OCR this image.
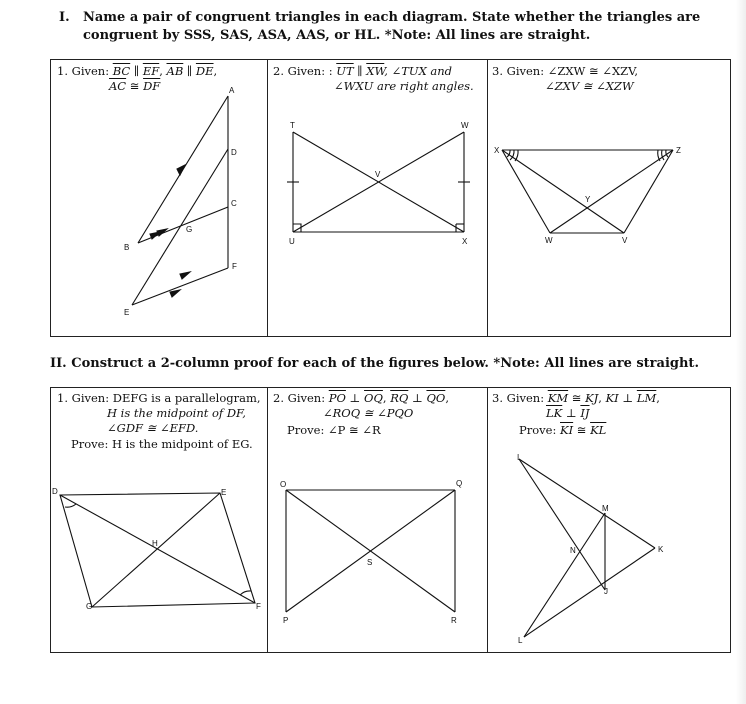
I. Name a pair of congruent triangles in each diagram. State whether the triangles are congruent by SSS, SAS, ASA, AAS, or HL. *Note: All lines are straight.
1. Given: $\overline{BC}$ ∥ $\overline{EF}$, $\overline{AB}$ ∥ $\overline{DE}$,
$\overline{AC}$ ≅ $\overline{DF}$
2. Given: : $\overline{UT}$ ∥ $\overline{XW}$, ∠TUX and
∠WXU are right angles.
3. Given: ∠ZXW ≅ ∠XZV,
∠ZXV ≅ ∠XZW
II. Construct a 2-column proof for each of the figures below. *Note: All lines are straight.
1. Given: DEFG is a parallelogram,
H is the midpoint of DF,
∠GDF ≅ ∠EFD.
Prove: H is the midpoint of EG.
2. Given: $\overline{PO}$ ⊥ $\overline{OQ}$, $\overline{RQ}$ ⊥ $\overline{QO}$,
∠ROQ ≅ ∠PQO
Prove: ∠P ≅ ∠R
3. Given: $\overline{KM}$ ≅ KJ, KI ⊥ $\overline{LM}$,
$\overline{LK}$ ⊥ $\overline{IJ}$
Prove: $\overline{KI}$ ≅ $\overline{KL}$
A
D
C
G
B
F
E
T	W
V
U	X
X	Z
Y
W	V
D	E
H
G	F
O	Q
S
P	R
I
M
N	K
J
L
